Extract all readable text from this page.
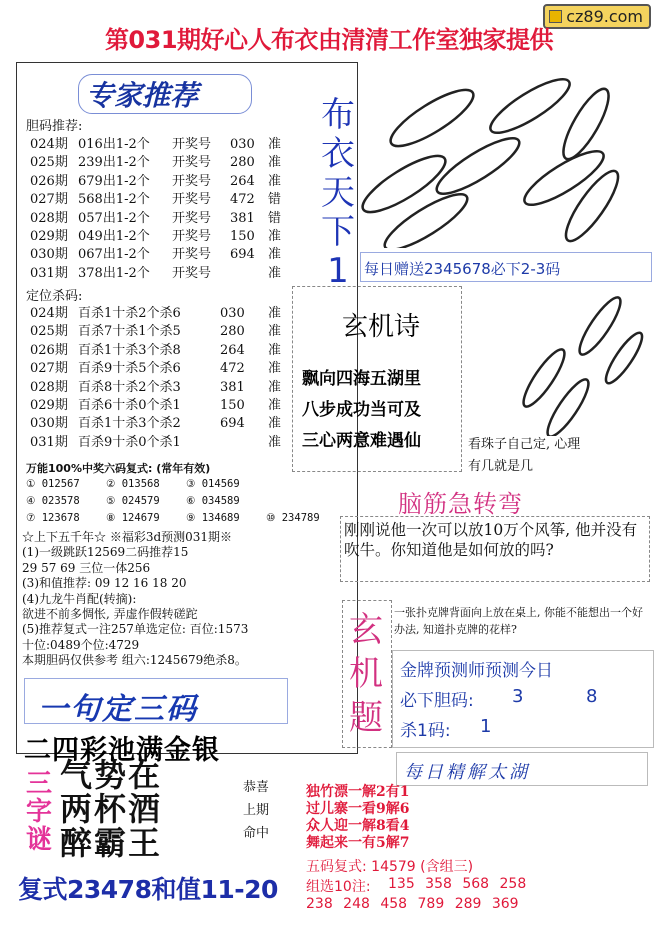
cz89.com
第031期好心人布衣由清清工作室独家提供
专家推荐
胆码推荐:
024期 016出1-2个 开奖号 030 准
025期 239出1-2个 开奖号 280 准
026期 679出1-2个 开奖号 264 准
027期 568出1-2个 开奖号 472 错
028期 057出1-2个 开奖号 381 错
029期 049出1-2个 开奖号 150 准
030期 067出1-2个 开奖号 694 准
031期 378出1-2个 开奖号	准
定位杀码:
024期 百杀1十杀2个杀6	030 准
025期 百杀7十杀1个杀5	280 准
026期 百杀1十杀3个杀8	264 准
027期 百杀9十杀5个杀6	472 准
028期 百杀8十杀2个杀3	381 准
029期 百杀6十杀0个杀1	150 准
030期 百杀1十杀3个杀2	694 准
031期 百杀9十杀0个杀1	准
万能100%中奖六码复式: (常年有效)
① 012567	② 013568	③ 014569
④ 023578	⑤ 024579	⑥ 034589
⑦ 123678	⑧ 124679	⑨ 134689	⑩ 234789
☆上下五千年☆ ※福彩3d预测031期※
(1)一级跳跃12569二码推荐15
29 57 69 三位一体256
(3)和值推荐: 09 12 16 18 20
(4)九龙牛肖配(转摘):
欲进不前多惆怅, 弄虚作假转磋跎
(5)推荐复式一注257单选定位: 百位:1573
十位:0489个位:4729
本期胆码仅供参考 组六:1245679绝杀8。
一句定三码
二四彩池满金银
三字谜
气势在
两杯酒
醉霸王
恭喜
上期
命中
复式23478和值11-20
布
衣
天
下
1	每日赠送2345678必下2-3码
玄机诗
飘向四海五湖里
八步成功当可及
三心两意难遇仙	看珠子自己定, 心理
有几就是几
脑筋急转弯
刚刚说他一次可以放10万个风筝, 他并没有吹牛。你知道他是如何放的吗?
玄
机
题
一张扑克牌背面向上放在桌上, 你能不能想出一个好办法, 知道扑克牌的花样?
金牌预测师预测今日
必下胆码: 3	8
杀1码: 1
每日精解太湖
独竹漂一解2有1
过儿寨一看9解6
众人迎一解8看4
舞起来一有5解7
五码复式: 14579 (含组三)
组选10注: 135 358 568 258
238 248 458 789 289 369
